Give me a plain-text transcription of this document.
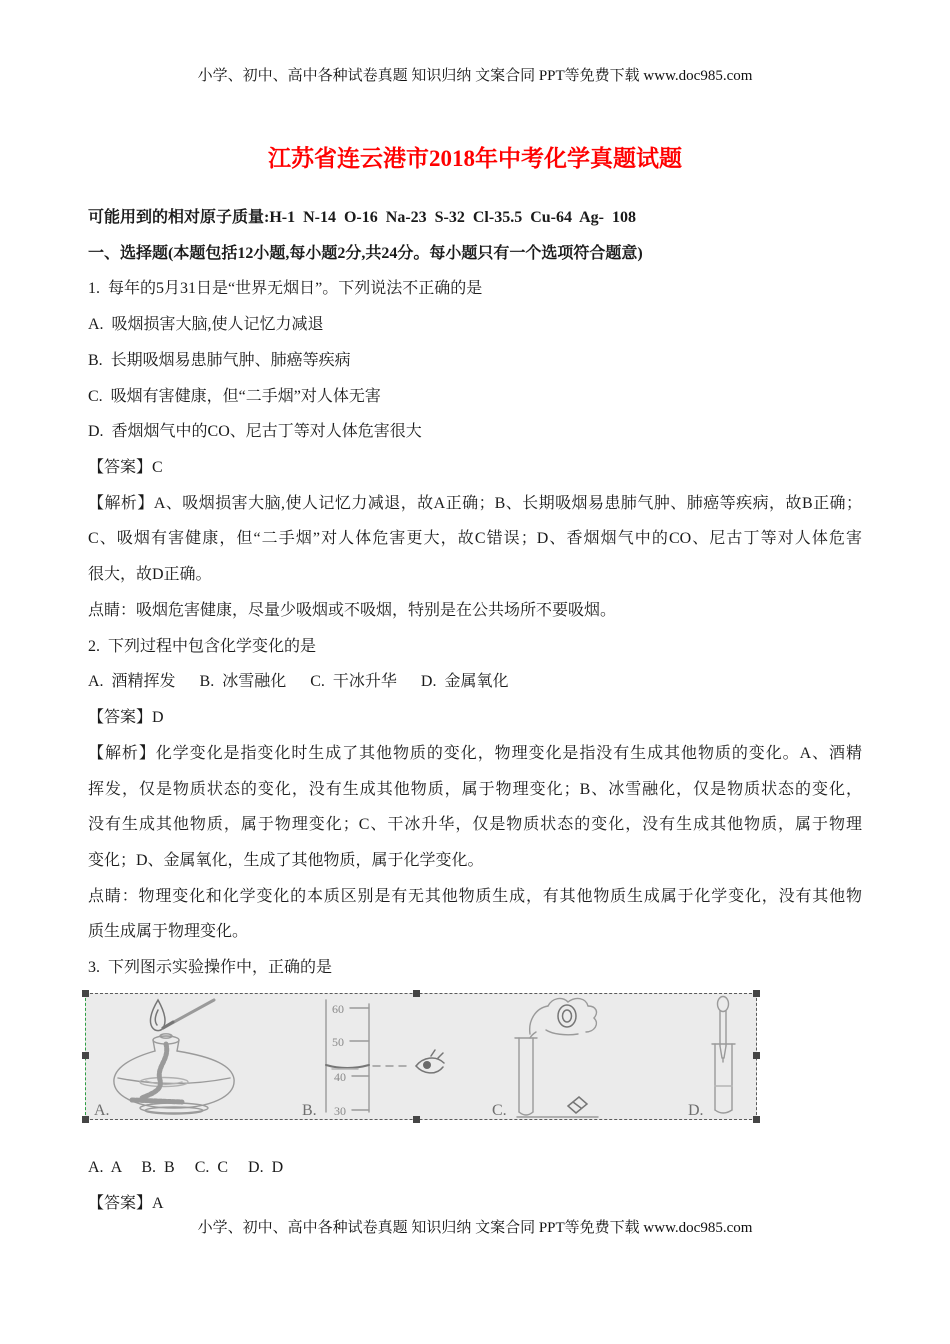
小学、初中、高中各种试卷真题 知识归纳 文案合同 PPT等免费下载 www.doc985.com
江苏省连云港市2018年中考化学真题试题
可能用到的相对原子质量:H-1  N-14  O-16  Na-23  S-32  Cl-35.5  Cu-64  Ag-  108
一、选择题(本题包括12小题,每小题2分,共24分。每小题只有一个选项符合题意)
1.  每年的5月31日是“世界无烟日”。下列说法不正确的是
A.  吸烟损害大脑,使人记忆力减退
B.  长期吸烟易患肺气肿、肺癌等疾病
C.  吸烟有害健康，但“二手烟”对人体无害
D.  香烟烟气中的CO、尼古丁等对人体危害很大
【答案】C
【解析】A、吸烟损害大脑,使人记忆力减退，故A正确；B、长期吸烟易患肺气肿、肺癌等疾病，故B正确；
C、吸烟有害健康，但“二手烟”对人体危害更大，故C错误；D、香烟烟气中的CO、尼古丁等对人体危害
很大，故D正确。
点睛：吸烟危害健康，尽量少吸烟或不吸烟，特别是在公共场所不要吸烟。
2.  下列过程中包含化学变化的是
A.  酒精挥发      B.  冰雪融化      C.  干冰升华      D.  金属氧化
【答案】D
【解析】化学变化是指变化时生成了其他物质的变化，物理变化是指没有生成其他物质的变化。A、酒精
挥发，仅是物质状态的变化，没有生成其他物质，属于物理变化；B、冰雪融化，仅是物质状态的变化，
没有生成其他物质，属于物理变化；C、干冰升华，仅是物质状态的变化，没有生成其他物质，属于物理
变化；D、金属氧化，生成了其他物质，属于化学变化。
点睛：物理变化和化学变化的本质区别是有无其他物质生成，有其他物质生成属于化学变化，没有其他物
质生成属于物理变化。
3.  下列图示实验操作中，正确的是
A.
60
50
40
30
B.	C.	D.
A.  A     B.  B     C.  C     D.  D
【答案】A
小学、初中、高中各种试卷真题 知识归纳 文案合同 PPT等免费下载 www.doc985.com
